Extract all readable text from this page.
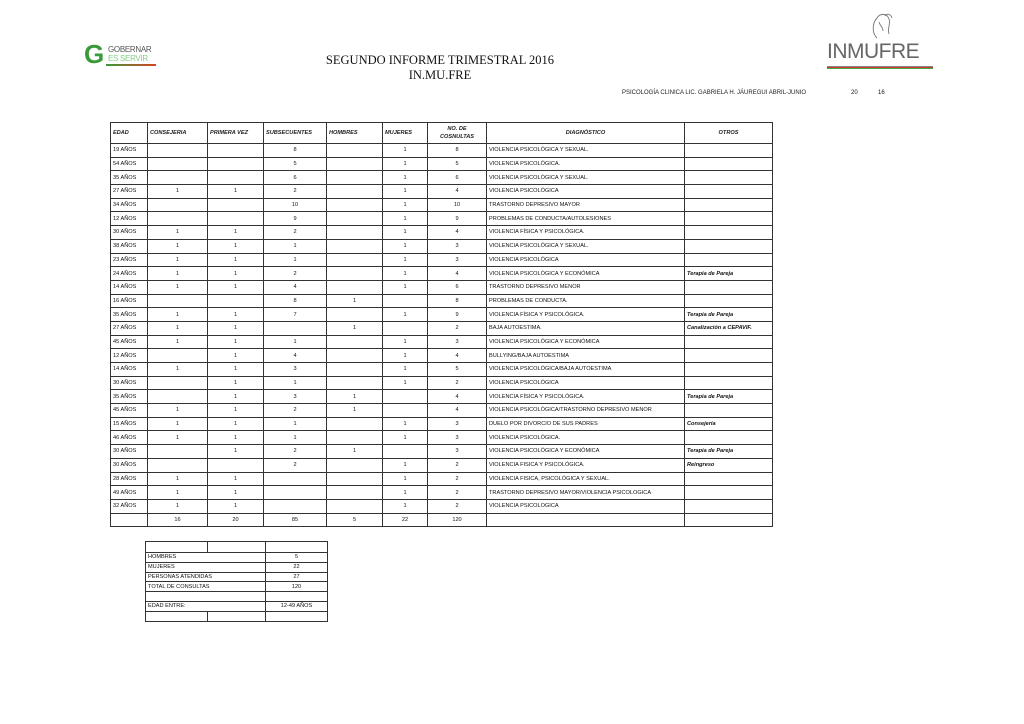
G GOBERNAR
ES SERVIR	SEGUNDO INFORME TRIMESTRAL 2016
IN.MU.FRE
INMUFRE
PSICOLOGÍA CLINICA LIC. GABRIELA H. JÁUREGUI ABRIL-JUNIO	20	16
EDAD	CONSEJERIA	PRIMERA VEZ	SUBSECUENTES	HOMBRES	MUJERES	NO. DE COSNULTAS	DIAGNÓSTICO	OTROS
19 AÑOS			8		1	8	VIOLENCIA PSICOLÓGICA Y SEXUAL.	
54 AÑOS			5		1	5	VIOLENCIA PSICOLÓGICA.	
35 AÑOS			6		1	6	VIOLENCIA PSICOLÓGICA Y SEXUAL.	
27 AÑOS	1	1	2		1	4	VIOLENCIA PSICOLÓGICA	
34 AÑOS			10		1	10	TRASTORNO DEPRESIVO MAYOR	
12 AÑOS			9		1	9	PROBLEMAS DE CONDUCTA/AUTOLESIONES	
30 AÑOS	1	1	2		1	4	VIOLENCIA FÍSICA Y PSICOLÓGICA.	
38 AÑOS	1	1	1		1	3	VIOLENCIA PSICOLÓGICA Y SEXUAL.	
23 AÑOS	1	1	1		1	3	VIOLENCIA PSICOLÓGICA	
24 AÑOS	1	1	2		1	4	VIOLENCIA PSICOLÓGICA Y ECONÓMICA	Terapia de Pareja
14 AÑOS	1	1	4		1	6	TRASTORNO DEPRESIVO MENOR	
16 AÑOS			8	1		8	PROBLEMAS DE CONDUCTA.	
35 AÑOS	1	1	7		1	9	VIOLENCIA FÍSICA Y PSICOLÓGICA.	Terapia de Pareja
27 AÑOS	1	1		1		2	BAJA AUTOESTIMA.	Canalización a CEPAVIF.
45 AÑOS	1	1	1		1	3	VIOLENCIA PSICOLÓGICA Y ECONÓMICA	
12 AÑOS		1	4		1	4	BULLYING/BAJA AUTOESTIMA	
14 AÑOS	1	1	3		1	5	VIOLENCIA PSICOLÓGICA/BAJA AUTOESTIMA	
30 AÑOS		1	1		1	2	VIOLENCIA PSICOLÓGICA	
35 AÑOS		1	3	1		4	VIOLENCIA FÍSICA Y PSICOLÓGICA.	Terapia de Pareja
45 AÑOS	1	1	2	1		4	VIOLENCIA PSICOLÓGICA/TRASTORNO DEPRESIVO MENOR	
15 AÑOS	1	1	1		1	3	DUELO POR DIVORCIO DE SUS PADRES	Consejería
46 AÑOS	1	1	1		1	3	VIOLENCIA PSICOLÓGICA.	
30 AÑOS		1	2	1		3	VIOLENCIA PSICOLÓGICA Y ECONÓMICA	Terapia de Pareja
30 AÑOS			2		1	2	VIOLENCIA FISICA Y PSICOLÓGICA.	Reingreso
28 AÑOS	1	1			1	2	VIOLENCIA FISICA, PSICOLÓGICA Y SEXUAL.	
49 AÑOS	1	1			1	2	TRASTORNO DEPRESIVO MAYOR/VIOLENCIA PSICOLOGICA	
32 AÑOS	1	1			1	2	VIOLENCIA PSICOLOGICA	
	16	20	85	5	22	120		

HOMBRES		5
MUJERES		22
PERSONAS ATENDIDAS		27
TOTAL DE CONSULTAS		120

EDAD ENTRE:		12-49 AÑOS
